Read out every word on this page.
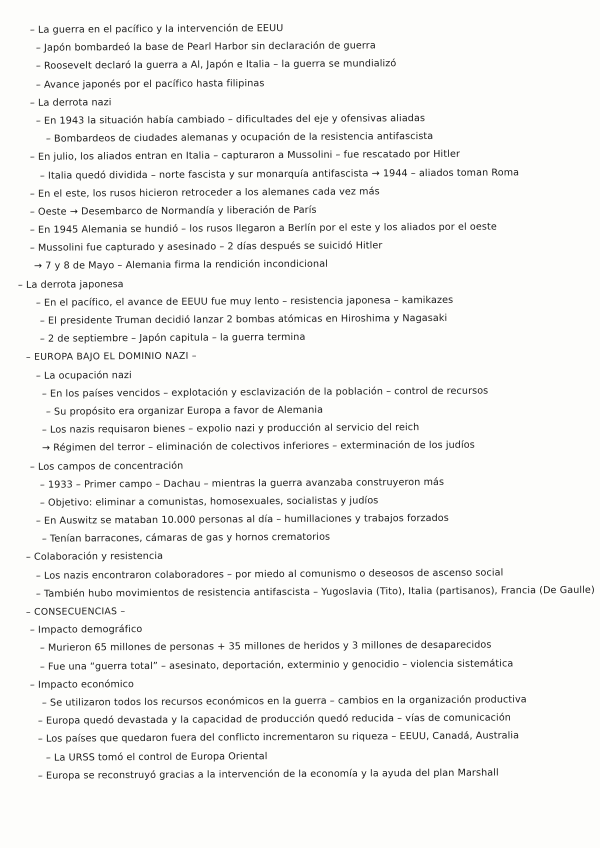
– La guerra en el pacífico y la intervención de EEUU
– Japón bombardeó la base de Pearl Harbor sin declaración de guerra
– Roosevelt declaró la guerra a Al, Japón e Italia – la guerra se mundializó
– Avance japonés por el pacífico hasta filipinas
– La derrota nazi
– En 1943 la situación había cambiado – dificultades del eje y ofensivas aliadas
– Bombardeos de ciudades alemanas y ocupación de la resistencia antifascista
– En julio, los aliados entran en Italia – capturaron a Mussolini – fue rescatado por Hitler
– Italia quedó dividida – norte fascista y sur monarquía antifascista → 1944 – aliados toman Roma
– En el este, los rusos hicieron retroceder a los alemanes cada vez más
– Oeste → Desembarco de Normandía y liberación de París
– En 1945 Alemania se hundió – los rusos llegaron a Berlín por el este y los aliados por el oeste
– Mussolini fue capturado y asesinado – 2 días después se suicidó Hitler
→ 7 y 8 de Mayo – Alemania firma la rendición incondicional
– La derrota japonesa
– En el pacífico, el avance de EEUU fue muy lento – resistencia japonesa – kamikazes
– El presidente Truman decidió lanzar 2 bombas atómicas en Hiroshima y Nagasaki
– 2 de septiembre – Japón capitula – la guerra termina
– EUROPA BAJO EL DOMINIO NAZI –
– La ocupación nazi
– En los países vencidos – explotación y esclavización de la población – control de recursos
– Su propósito era organizar Europa a favor de Alemania
– Los nazis requisaron bienes – expolio nazi y producción al servicio del reich
→ Régimen del terror – eliminación de colectivos inferiores – exterminación de los judíos
– Los campos de concentración
– 1933 – Primer campo – Dachau – mientras la guerra avanzaba construyeron más
– Objetivo: eliminar a comunistas, homosexuales, socialistas y judíos
– En Auswitz se mataban 10.000 personas al día – humillaciones y trabajos forzados
– Tenían barracones, cámaras de gas y hornos crematorios
– Colaboración y resistencia
– Los nazis encontraron colaboradores – por miedo al comunismo o deseosos de ascenso social
– También hubo movimientos de resistencia antifascista – Yugoslavia (Tito), Italia (partisanos), Francia (De Gaulle)
– CONSECUENCIAS –
– Impacto demográfico
– Murieron 65 millones de personas + 35 millones de heridos y 3 millones de desaparecidos
– Fue una “guerra total” – asesinato, deportación, exterminio y genocidio – violencia sistemática
– Impacto económico
– Se utilizaron todos los recursos económicos en la guerra – cambios en la organización productiva
– Europa quedó devastada y la capacidad de producción quedó reducida – vías de comunicación
– Los países que quedaron fuera del conflicto incrementaron su riqueza – EEUU, Canadá, Australia
– La URSS tomó el control de Europa Oriental
– Europa se reconstruyó gracias a la intervención de la economía y la ayuda del plan Marshall
